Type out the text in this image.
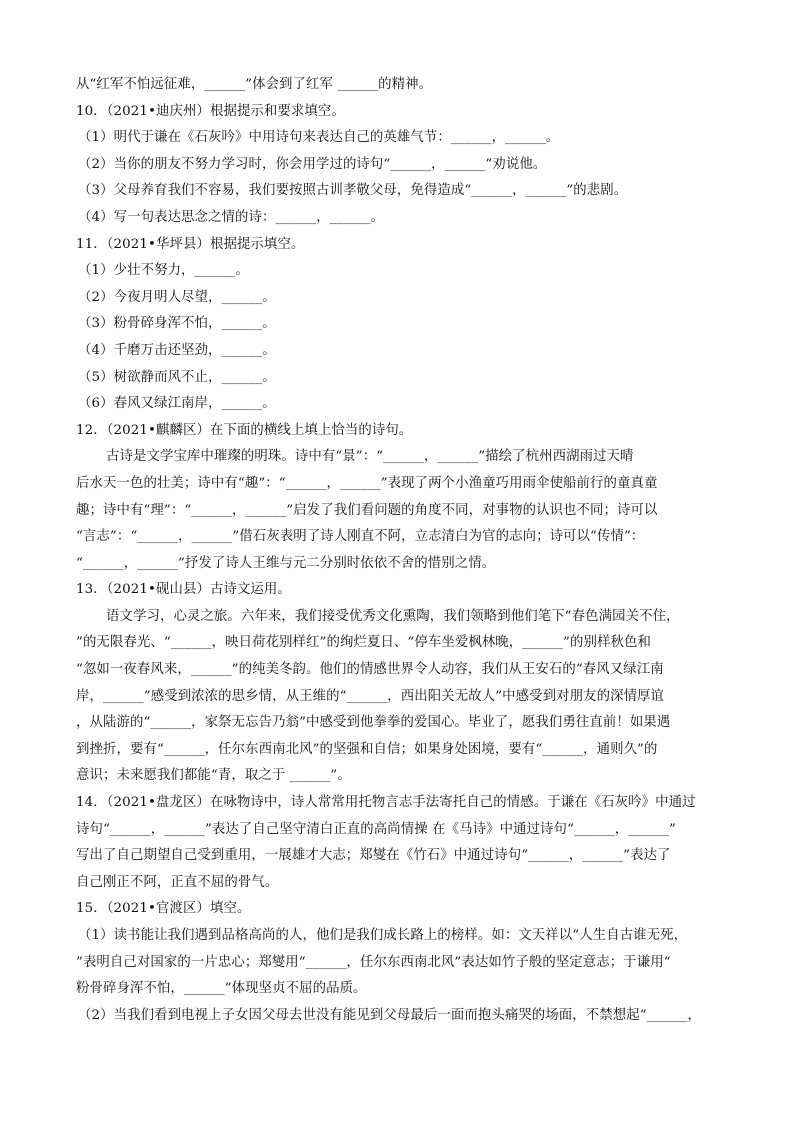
从“红军不怕远征难，______”体会到了红军 ______的精神。
10．（2021•迪庆州）根据提示和要求填空。
（1）明代于谦在《石灰吟》中用诗句来表达自己的英雄气节：______，______。
（2）当你的朋友不努力学习时，你会用学过的诗句“______，______”劝说他。
（3）父母养育我们不容易，我们要按照古训孝敬父母，免得造成“______，______”的悲剧。
（4）写一句表达思念之情的诗：______，______。
11．（2021•华坪县）根据提示填空。
（1）少壮不努力，______。
（2）今夜月明人尽望，______。
（3）粉骨碎身浑不怕，______。
（4）千磨万击还坚劲，______。
（5）树欲静而风不止，______。
（6）春风又绿江南岸，______。
12．（2021•麒麟区）在下面的横线上填上恰当的诗句。
古诗是文学宝库中璀璨的明珠。诗中有“景”：“______，______”描绘了杭州西湖雨过天晴
后水天一色的壮美；诗中有“趣”：“______，______”表现了两个小渔童巧用雨伞使船前行的童真童
趣；诗中有“理”：“______，______”启发了我们看问题的角度不同，对事物的认识也不同；诗可以
“言志”：“______，______”借石灰表明了诗人刚直不阿，立志清白为官的志向；诗可以“传情”：
“______，______”抒发了诗人王维与元二分别时依依不舍的惜别之情。
13．（2021•砚山县）古诗文运用。
语文学习，心灵之旅。六年来，我们接受优秀文化熏陶，我们领略到他们笔下“春色满园关不住，
”的无限春光、“______，映日荷花别样红”的绚烂夏日、“停车坐爱枫林晚，______”的别样秋色和
“忽如一夜春风来，______”的纯美冬韵。他们的情感世界令人动容，我们从王安石的“春风又绿江南
岸，______”感受到浓浓的思乡情，从王维的“______，西出阳关无故人”中感受到对朋友的深情厚谊
，从陆游的“______，家祭无忘告乃翁”中感受到他拳拳的爱国心。毕业了，愿我们勇往直前！如果遇
到挫折，要有“______，任尔东西南北风”的坚强和自信；如果身处困境，要有“______，通则久”的
意识；未来愿我们都能“青，取之于 ______”。
14．（2021•盘龙区）在咏物诗中，诗人常常用托物言志手法寄托自己的情感。于谦在《石灰吟》中通过
诗句“______，______”表达了自己坚守清白正直的高尚情操 在《马诗》中通过诗句“______，______”
写出了自己期望自己受到重用，一展雄才大志；郑燮在《竹石》中通过诗句“______，______”表达了
自己刚正不阿，正直不屈的骨气。
15．（2021•官渡区）填空。
（1）读书能让我们遇到品格高尚的人，他们是我们成长路上的榜样。如：文天祥以“人生自古谁无死，
”表明自己对国家的一片忠心；郑燮用“______，任尔东西南北风”表达如竹子般的坚定意志；于谦用“
粉骨碎身浑不怕，______”体现坚贞不屈的品质。
（2）当我们看到电视上子女因父母去世没有能见到父母最后一面而抱头痛哭的场面，不禁想起“______，
